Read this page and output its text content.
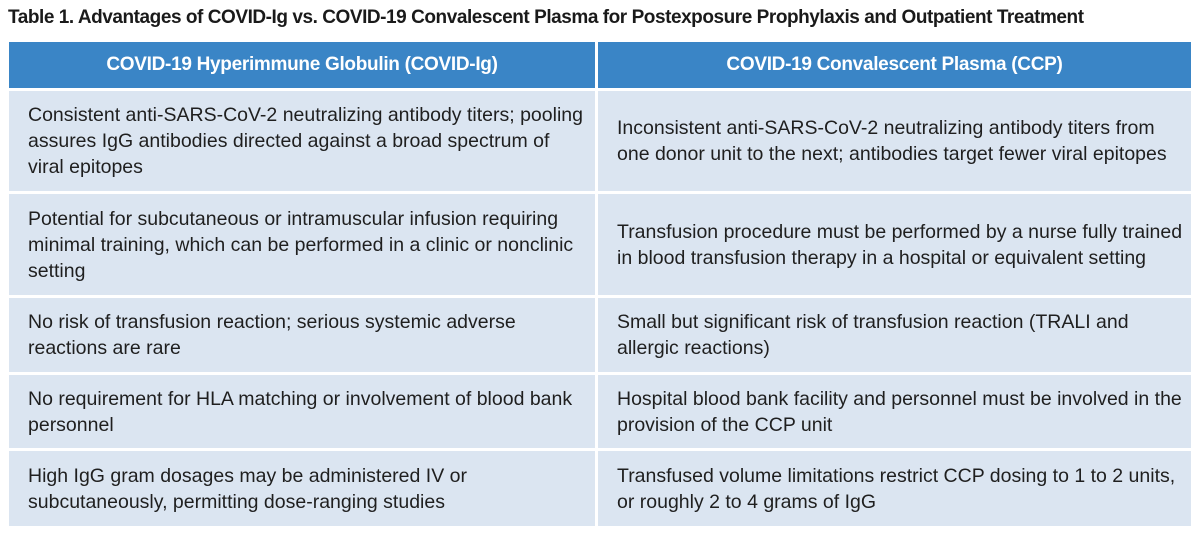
Table 1. Advantages of COVID-Ig vs. COVID-19 Convalescent Plasma for Postexposure Prophylaxis and Outpatient Treatment
COVID-19 Hyperimmune Globulin (COVID-Ig)	COVID-19 Convalescent Plasma (CCP)
Consistent anti-SARS-CoV-2 neutralizing antibody titers; pooling assures IgG antibodies directed against a broad spectrum of viral epitopes	Inconsistent anti-SARS-CoV-2 neutralizing antibody titers from one donor unit to the next; antibodies target fewer viral epitopes
Potential for subcutaneous or intramuscular infusion requiring minimal training, which can be performed in a clinic or nonclinic setting	Transfusion procedure must be performed by a nurse fully trained in blood transfusion therapy in a hospital or equivalent setting
No risk of transfusion reaction; serious systemic adverse reactions are rare	Small but significant risk of transfusion reaction (TRALI and allergic reactions)
No requirement for HLA matching or involvement of blood bank personnel	Hospital blood bank facility and personnel must be involved in the provision of the CCP unit
High IgG gram dosages may be administered IV or subcutaneously, permitting dose-ranging studies	Transfused volume limitations restrict CCP dosing to 1 to 2 units, or roughly 2 to 4 grams of IgG
